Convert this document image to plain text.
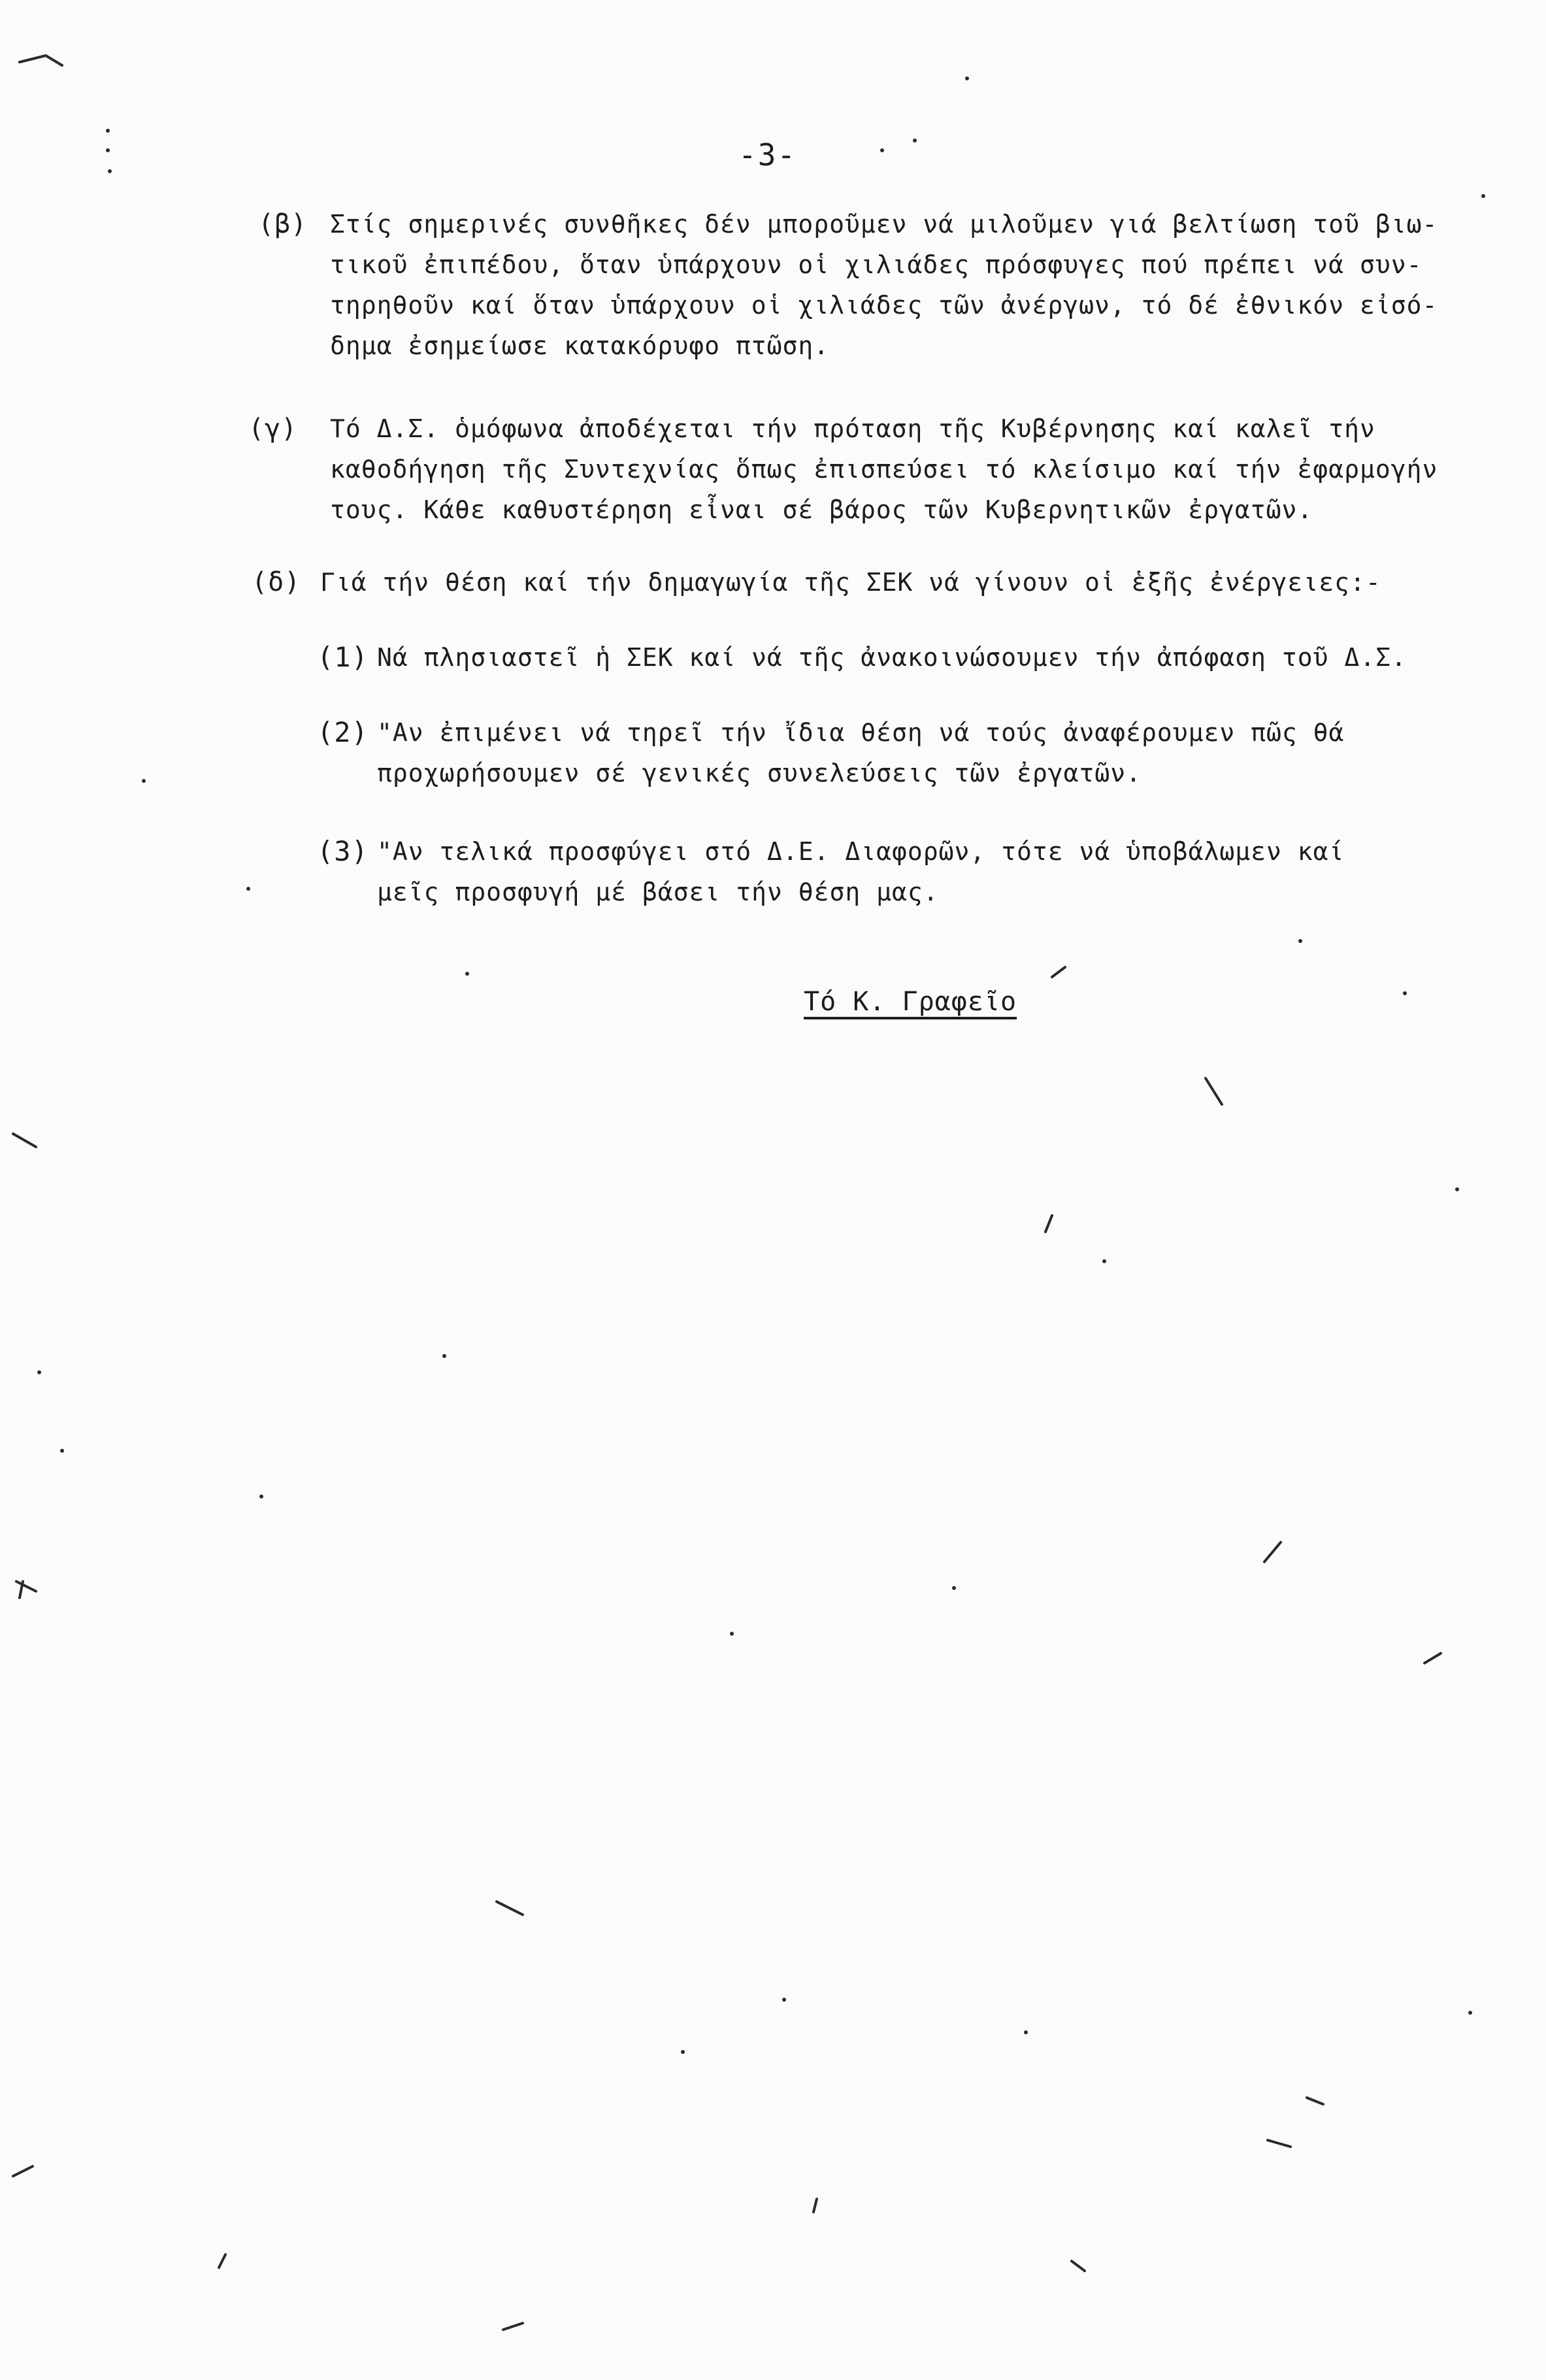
-3-
(β) Στίς σημερινές συνθῆκες δέν μποροῦμεν νά μιλοῦμεν γιά βελτίωση τοῦ βιω-
τικοῦ ἐπιπέδου, ὅταν ὑπάρχουν οἱ χιλιάδες πρόσφυγες πού πρέπει νά συν-
τηρηθοῦν καί ὅταν ὑπάρχουν οἱ χιλιάδες τῶν ἀνέργων, τό δέ ἐθνικόν εἰσό-
δημα ἐσημείωσε κατακόρυφο πτῶση.
(γ) Τό Δ.Σ. ὁμόφωνα ἀποδέχεται τήν πρόταση τῆς Κυβέρνησης καί καλεῖ τήν
καθοδήγηση τῆς Συντεχνίας ὅπως ἐπισπεύσει τό κλείσιμο καί τήν ἐφαρμογήν
τους. Κάθε καθυστέρηση εἶναι σέ βάρος τῶν Κυβερνητικῶν ἐργατῶν.
(δ) Γιά τήν θέση καί τήν δημαγωγία τῆς ΣΕΚ νά γίνουν οἱ ἑξῆς ἐνέργειες:-
(1) Νά πλησιαστεῖ ἡ ΣΕΚ καί νά τῆς ἀνακοινώσουμεν τήν ἀπόφαση τοῦ Δ.Σ.
(2) "Αν ἐπιμένει νά τηρεῖ τήν ἴδια θέση νά τούς ἀναφέρουμεν πῶς θά
προχωρήσουμεν σέ γενικές συνελεύσεις τῶν ἐργατῶν.
(3) "Αν τελικά προσφύγει στό Δ.Ε. Διαφορῶν, τότε νά ὑποβάλωμεν καί
μεῖς προσφυγή μέ βάσει τήν θέση μας.
Τό Κ. Γραφεῖο
